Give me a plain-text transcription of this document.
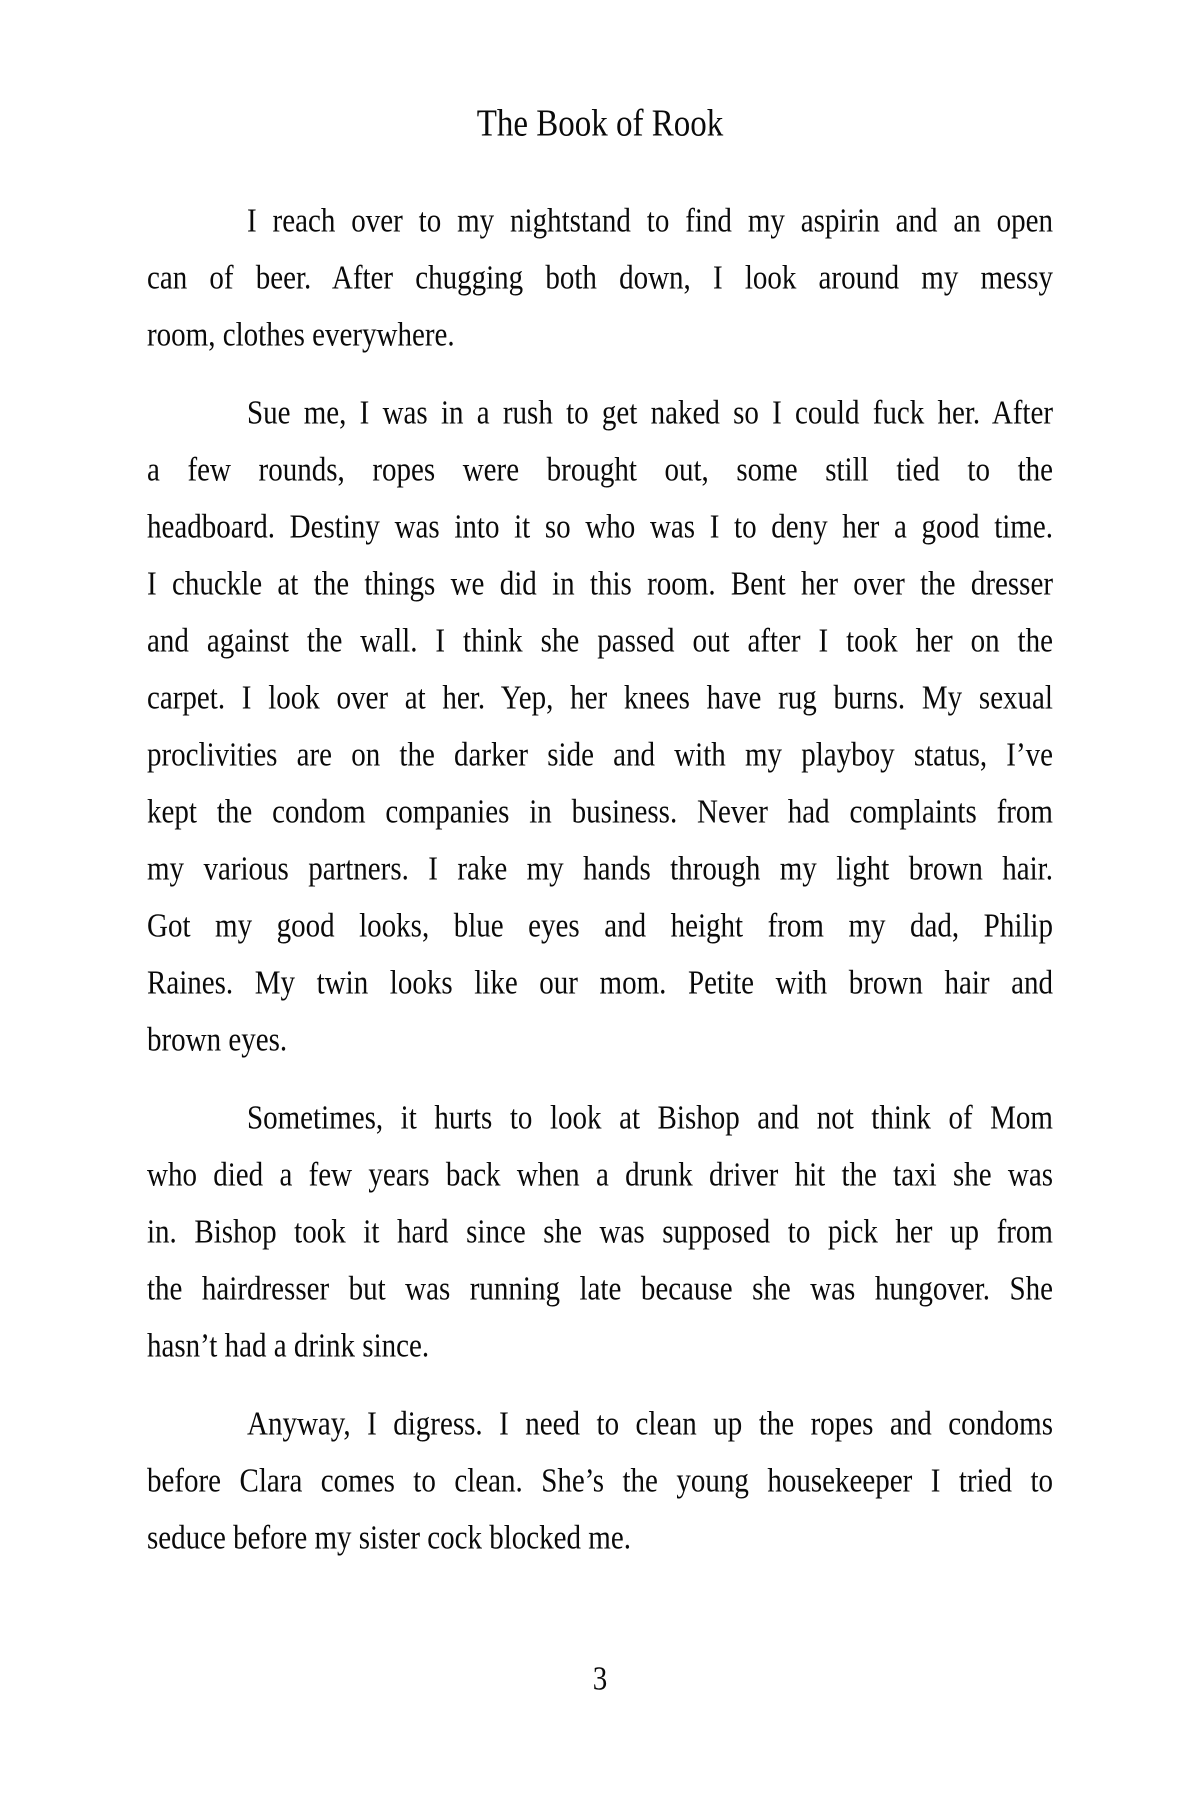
The Book of Rook
I reach over to my nightstand to find my aspirin and an open
can of beer. After chugging both down, I look around my messy
room, clothes everywhere.
Sue me, I was in a rush to get naked so I could fuck her. After
a few rounds, ropes were brought out, some still tied to the
headboard. Destiny was into it so who was I to deny her a good time.
I chuckle at the things we did in this room. Bent her over the dresser
and against the wall. I think she passed out after I took her on the
carpet. I look over at her. Yep, her knees have rug burns. My sexual
proclivities are on the darker side and with my playboy status, I’ve
kept the condom companies in business. Never had complaints from
my various partners. I rake my hands through my light brown hair.
Got my good looks, blue eyes and height from my dad, Philip
Raines. My twin looks like our mom. Petite with brown hair and
brown eyes.
Sometimes, it hurts to look at Bishop and not think of Mom
who died a few years back when a drunk driver hit the taxi she was
in. Bishop took it hard since she was supposed to pick her up from
the hairdresser but was running late because she was hungover. She
hasn’t had a drink since.
Anyway, I digress. I need to clean up the ropes and condoms
before Clara comes to clean. She’s the young housekeeper I tried to
seduce before my sister cock blocked me.
3
